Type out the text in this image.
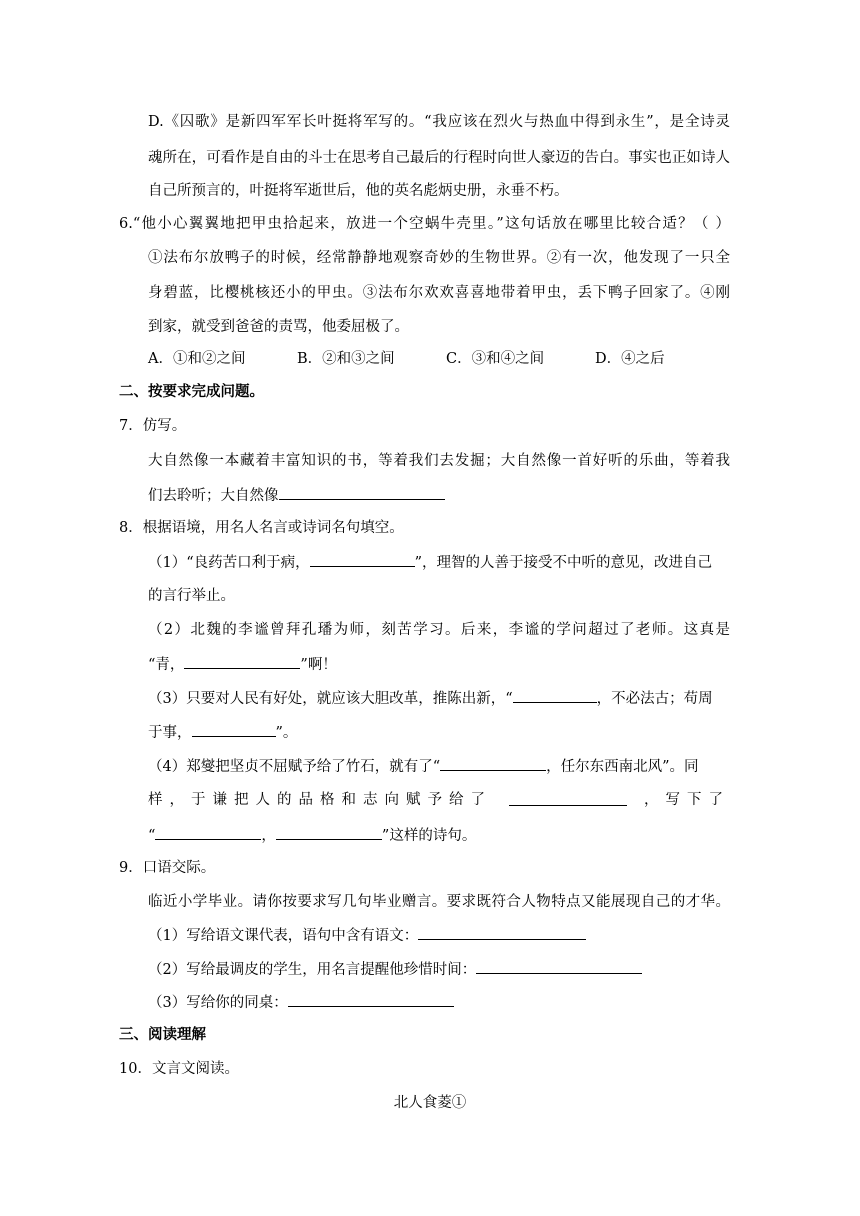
D.《囚歌》是新四军军长叶挺将军写的。“我应该在烈火与热血中得到永生”，是全诗灵
魂所在，可看作是自由的斗士在思考自己最后的行程时向世人豪迈的告白。事实也正如诗人
自己所预言的，叶挺将军逝世后，他的英名彪炳史册，永垂不朽。
6.“他小心翼翼地把甲虫拾起来，放进一个空蜗牛壳里。”这句话放在哪里比较合适？（ ）
①法布尔放鸭子的时候，经常静静地观察奇妙的生物世界。②有一次，他发现了一只全
身碧蓝，比樱桃核还小的甲虫。③法布尔欢欢喜喜地带着甲虫，丢下鸭子回家了。④刚
到家，就受到爸爸的责骂，他委屈极了。
A．①和②之间	B．②和③之间	C．③和④之间	D．④之后
二、按要求完成问题。
7．仿写。
大自然像一本藏着丰富知识的书，等着我们去发掘；大自然像一首好听的乐曲，等着我
们去聆听；大自然像
8．根据语境，用名人名言或诗词名句填空。
（1）“良药苦口利于病，	”，理智的人善于接受不中听的意见，改进自己
的言行举止。
（2）北魏的李谧曾拜孔璠为师，刻苦学习。后来，李谧的学问超过了老师。这真是
“青，	”啊！
（3）只要对人民有好处，就应该大胆改革，推陈出新，“	，不必法古；苟周
于事，	”。
（4）郑燮把坚贞不屈赋予给了竹石，就有了“	，任尔东西南北风”。同
样，于谦把人的品格和志向赋予给了	，写下了
“	，	”这样的诗句。
9．口语交际。
临近小学毕业。请你按要求写几句毕业赠言。要求既符合人物特点又能展现自己的才华。
（1）写给语文课代表，语句中含有语文：
（2）写给最调皮的学生，用名言提醒他珍惜时间：
（3）写给你的同桌：
三、阅读理解
10．文言文阅读。
北人食菱①
